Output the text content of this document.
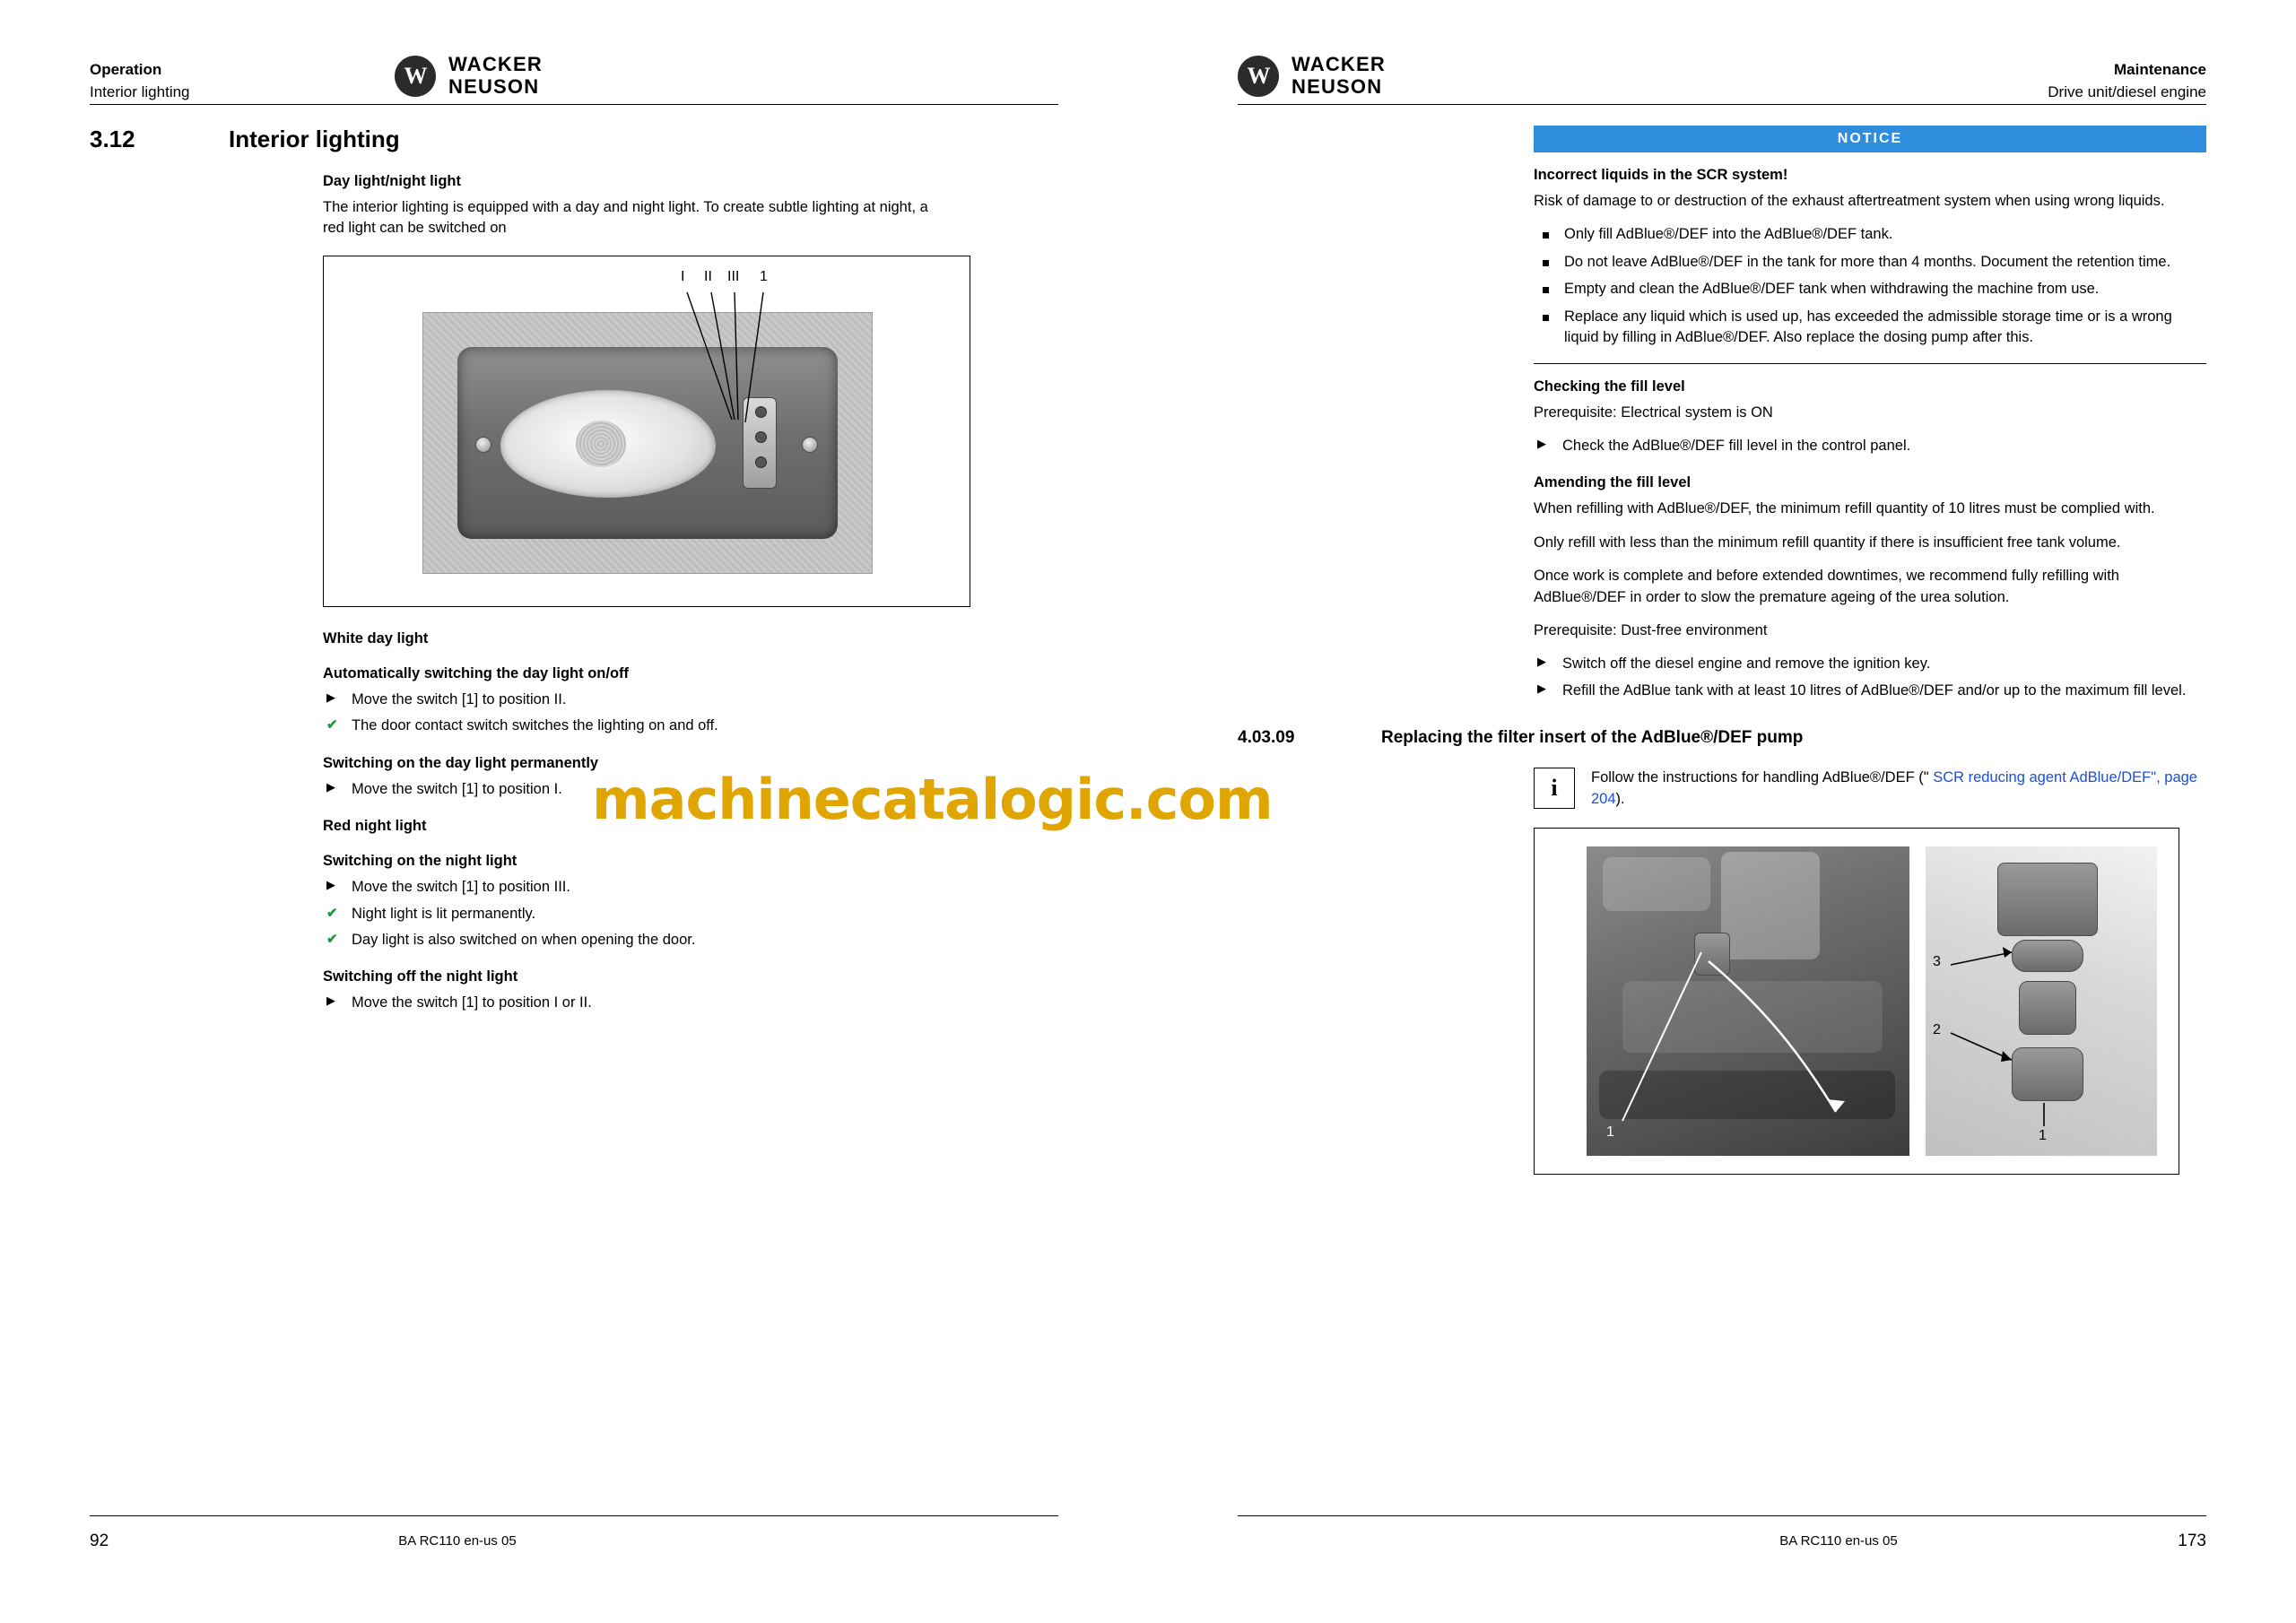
Operation
Interior lighting
W	WACKER
NEUSON
3.12	Interior lighting
Day light/night light

The interior lighting is equipped with a day and night light. To create subtle lighting at night, a red light can be switched on

I II III 1
White day light
Automatically switching the day light on/off
▶ Move the switch [1] to position II.
✔ The door contact switch switches the lighting on and off.
Switching on the day light permanently
▶ Move the switch [1] to position I.
Red night light
Switching on the night light
▶ Move the switch [1] to position III.
✔ Night light is lit permanently.
✔ Day light is also switched on when opening the door.
Switching off the night light
▶ Move the switch [1] to position I or II.
92	BA RC110 en-us 05
W	WACKER
NEUSON
Maintenance
Drive unit/diesel engine
NOTICE
Incorrect liquids in the SCR system!

Risk of damage to or destruction of the exhaust aftertreatment system when using wrong liquids.

Only fill AdBlue®/DEF into the AdBlue®/DEF tank.
Do not leave AdBlue®/DEF in the tank for more than 4 months. Document the retention time.
Empty and clean the AdBlue®/DEF tank when withdrawing the machine from use.
Replace any liquid which is used up, has exceeded the admissible storage time or is a wrong liquid by filling in AdBlue®/DEF. Also replace the dosing pump after this.
Checking the fill level

Prerequisite: Electrical system is ON

▶ Check the AdBlue®/DEF fill level in the control panel.
Amending the fill level

When refilling with AdBlue®/DEF, the minimum refill quantity of 10 litres must be complied with.

Only refill with less than the minimum refill quantity if there is insufficient free tank volume.

Once work is complete and before extended downtimes, we recommend fully refilling with AdBlue®/DEF in order to slow the premature ageing of the urea solution.

Prerequisite: Dust-free environment

▶ Switch off the diesel engine and remove the ignition key.
▶ Refill the AdBlue tank with at least 10 litres of AdBlue®/DEF and/or up to the maximum fill level.
4.03.09	Replacing the filter insert of the AdBlue®/DEF pump
i	Follow the instructions for handling AdBlue®/DEF (" SCR reducing agent AdBlue/DEF", page 204).
1
3
2
1
173
BA RC110 en-us 05
machinecatalogic.com
